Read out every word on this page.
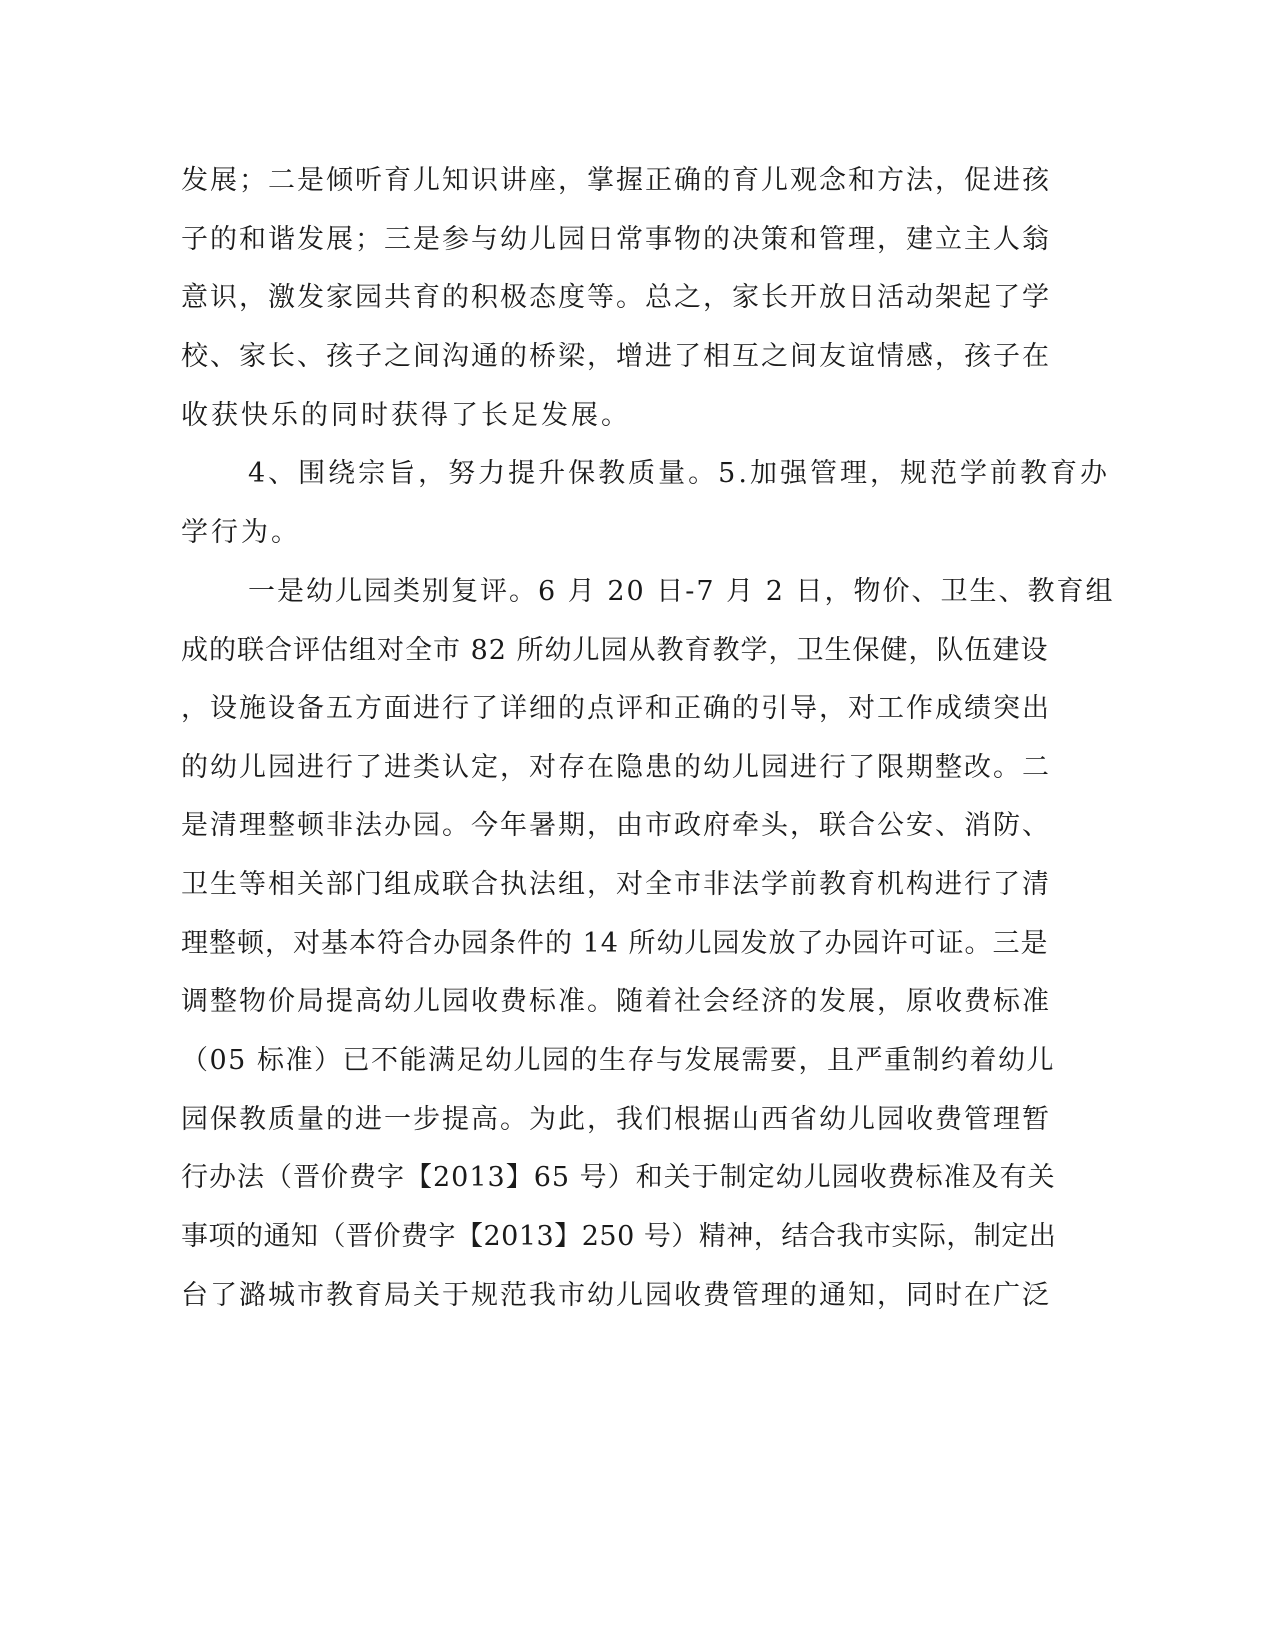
发展；二是倾听育儿知识讲座，掌握正确的育儿观念和方法，促进孩
子的和谐发展；三是参与幼儿园日常事物的决策和管理，建立主人翁
意识，激发家园共育的积极态度等。总之，家长开放日活动架起了学
校、家长、孩子之间沟通的桥梁，增进了相互之间友谊情感，孩子在
收获快乐的同时获得了长足发展。
4、围绕宗旨，努力提升保教质量。5.加强管理，规范学前教育办
学行为。
一是幼儿园类别复评。6 月 20 日-7 月 2 日，物价、卫生、教育组
成的联合评估组对全市 82 所幼儿园从教育教学，卫生保健，队伍建设
，设施设备五方面进行了详细的点评和正确的引导，对工作成绩突出
的幼儿园进行了进类认定，对存在隐患的幼儿园进行了限期整改。二
是清理整顿非法办园。今年暑期，由市政府牵头，联合公安、消防、
卫生等相关部门组成联合执法组，对全市非法学前教育机构进行了清
理整顿，对基本符合办园条件的 14 所幼儿园发放了办园许可证。三是
调整物价局提高幼儿园收费标准。随着社会经济的发展，原收费标准
（05 标准）已不能满足幼儿园的生存与发展需要，且严重制约着幼儿
园保教质量的进一步提高。为此，我们根据山西省幼儿园收费管理暂
行办法（晋价费字【2013】65 号）和关于制定幼儿园收费标准及有关
事项的通知（晋价费字【2013】250 号）精神，结合我市实际，制定出
台了潞城市教育局关于规范我市幼儿园收费管理的通知，同时在广泛
